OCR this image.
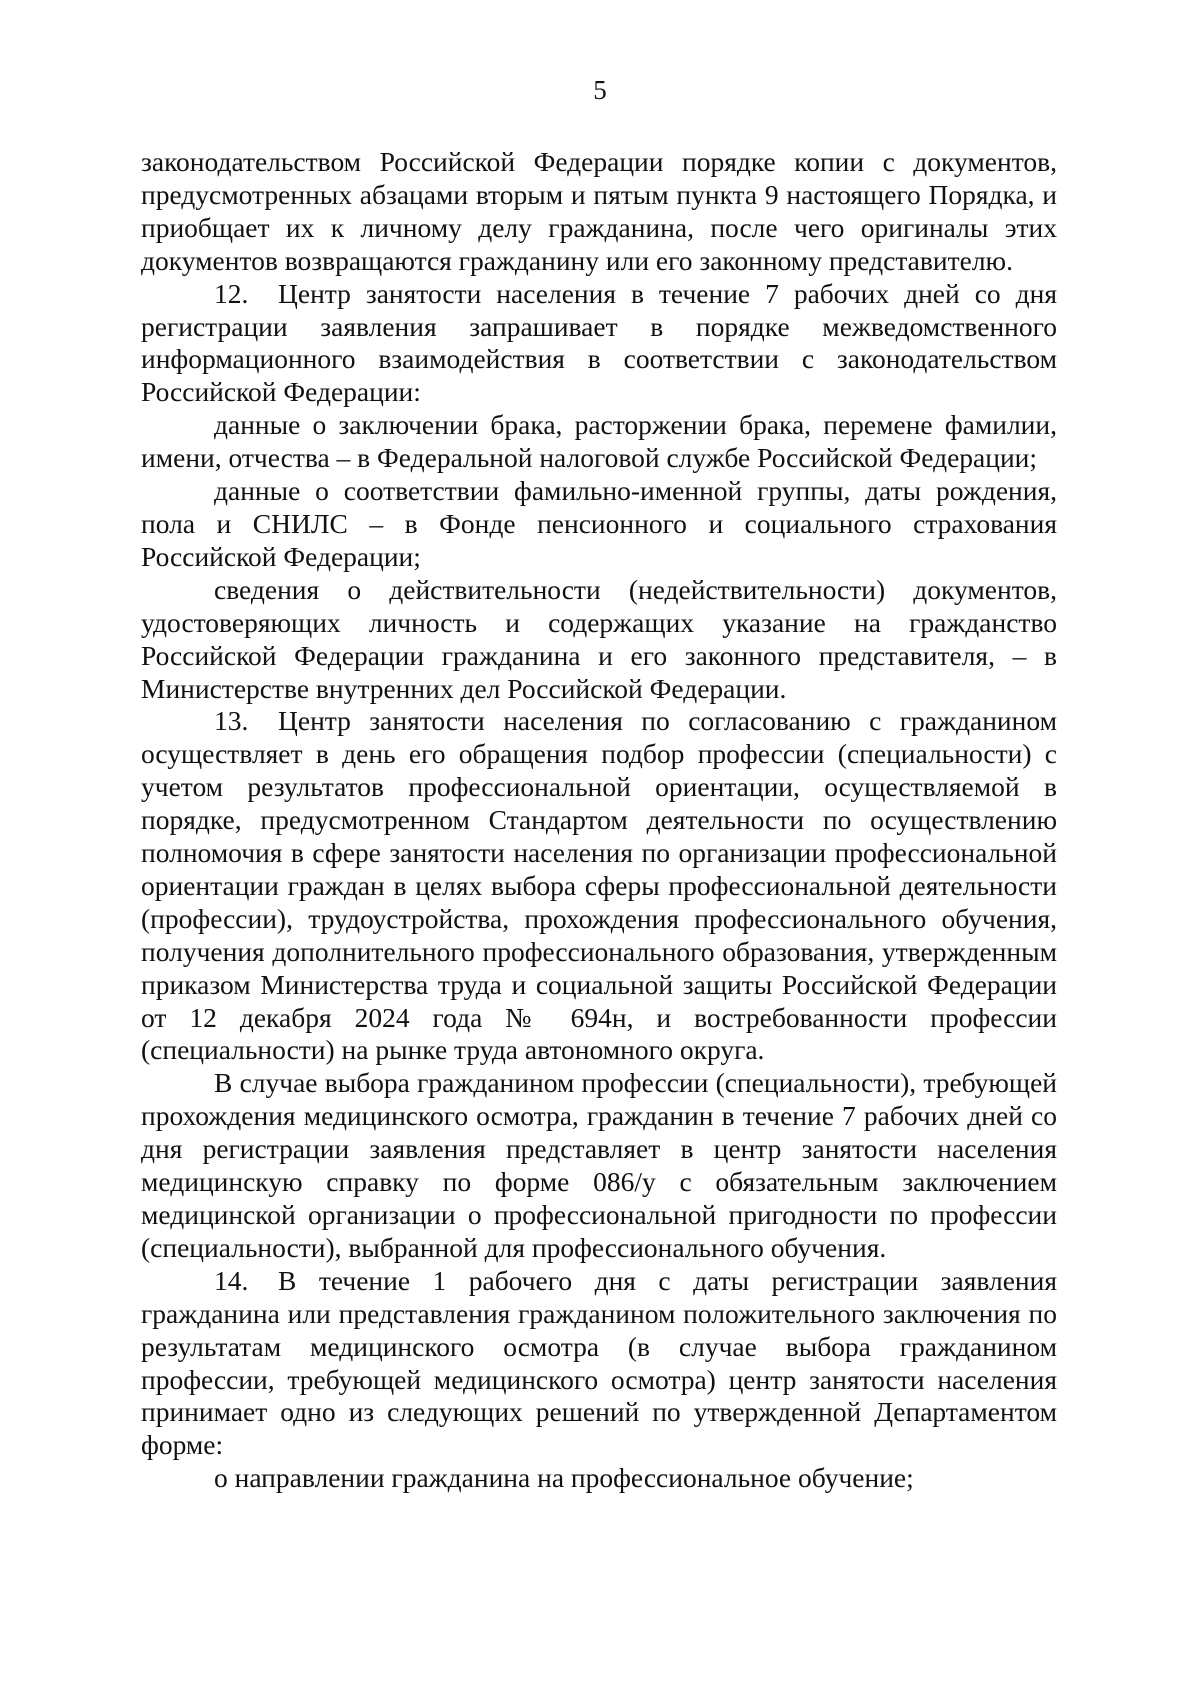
5

законодательством Российской Федерации порядке копии с документов, предусмотренных абзацами вторым и пятым пункта 9 настоящего Порядка, и приобщает их к личному делу гражданина, после чего оригиналы этих документов возвращаются гражданину или его законному представителю.

12. Центр занятости населения в течение 7 рабочих дней со дня регистрации заявления запрашивает в порядке межведомственного информационного взаимодействия в соответствии с законодательством Российской Федерации:

данные о заключении брака, расторжении брака, перемене фамилии, имени, отчества – в Федеральной налоговой службе Российской Федерации;

данные о соответствии фамильно-именной группы, даты рождения, пола и СНИЛС – в Фонде пенсионного и социального страхования Российской Федерации;

сведения о действительности (недействительности) документов, удостоверяющих личность и содержащих указание на гражданство Российской Федерации гражданина и его законного представителя, – в Министерстве внутренних дел Российской Федерации.

13. Центр занятости населения по согласованию с гражданином осуществляет в день его обращения подбор профессии (специальности) с учетом результатов профессиональной ориентации, осуществляемой в порядке, предусмотренном Стандартом деятельности по осуществлению полномочия в сфере занятости населения по организации профессиональной ориентации граждан в целях выбора сферы профессиональной деятельности (профессии), трудоустройства, прохождения профессионального обучения, получения дополнительного профессионального образования, утвержденным приказом Министерства труда и социальной защиты Российской Федерации от 12 декабря 2024 года № 694н, и востребованности профессии (специальности) на рынке труда автономного округа.

В случае выбора гражданином профессии (специальности), требующей прохождения медицинского осмотра, гражданин в течение 7 рабочих дней со дня регистрации заявления представляет в центр занятости населения медицинскую справку по форме 086/у с обязательным заключением медицинской организации о профессиональной пригодности по профессии (специальности), выбранной для профессионального обучения.

14. В течение 1 рабочего дня с даты регистрации заявления гражданина или представления гражданином положительного заключения по результатам медицинского осмотра (в случае выбора гражданином профессии, требующей медицинского осмотра) центр занятости населения принимает одно из следующих решений по утвержденной Департаментом форме:

о направлении гражданина на профессиональное обучение;
